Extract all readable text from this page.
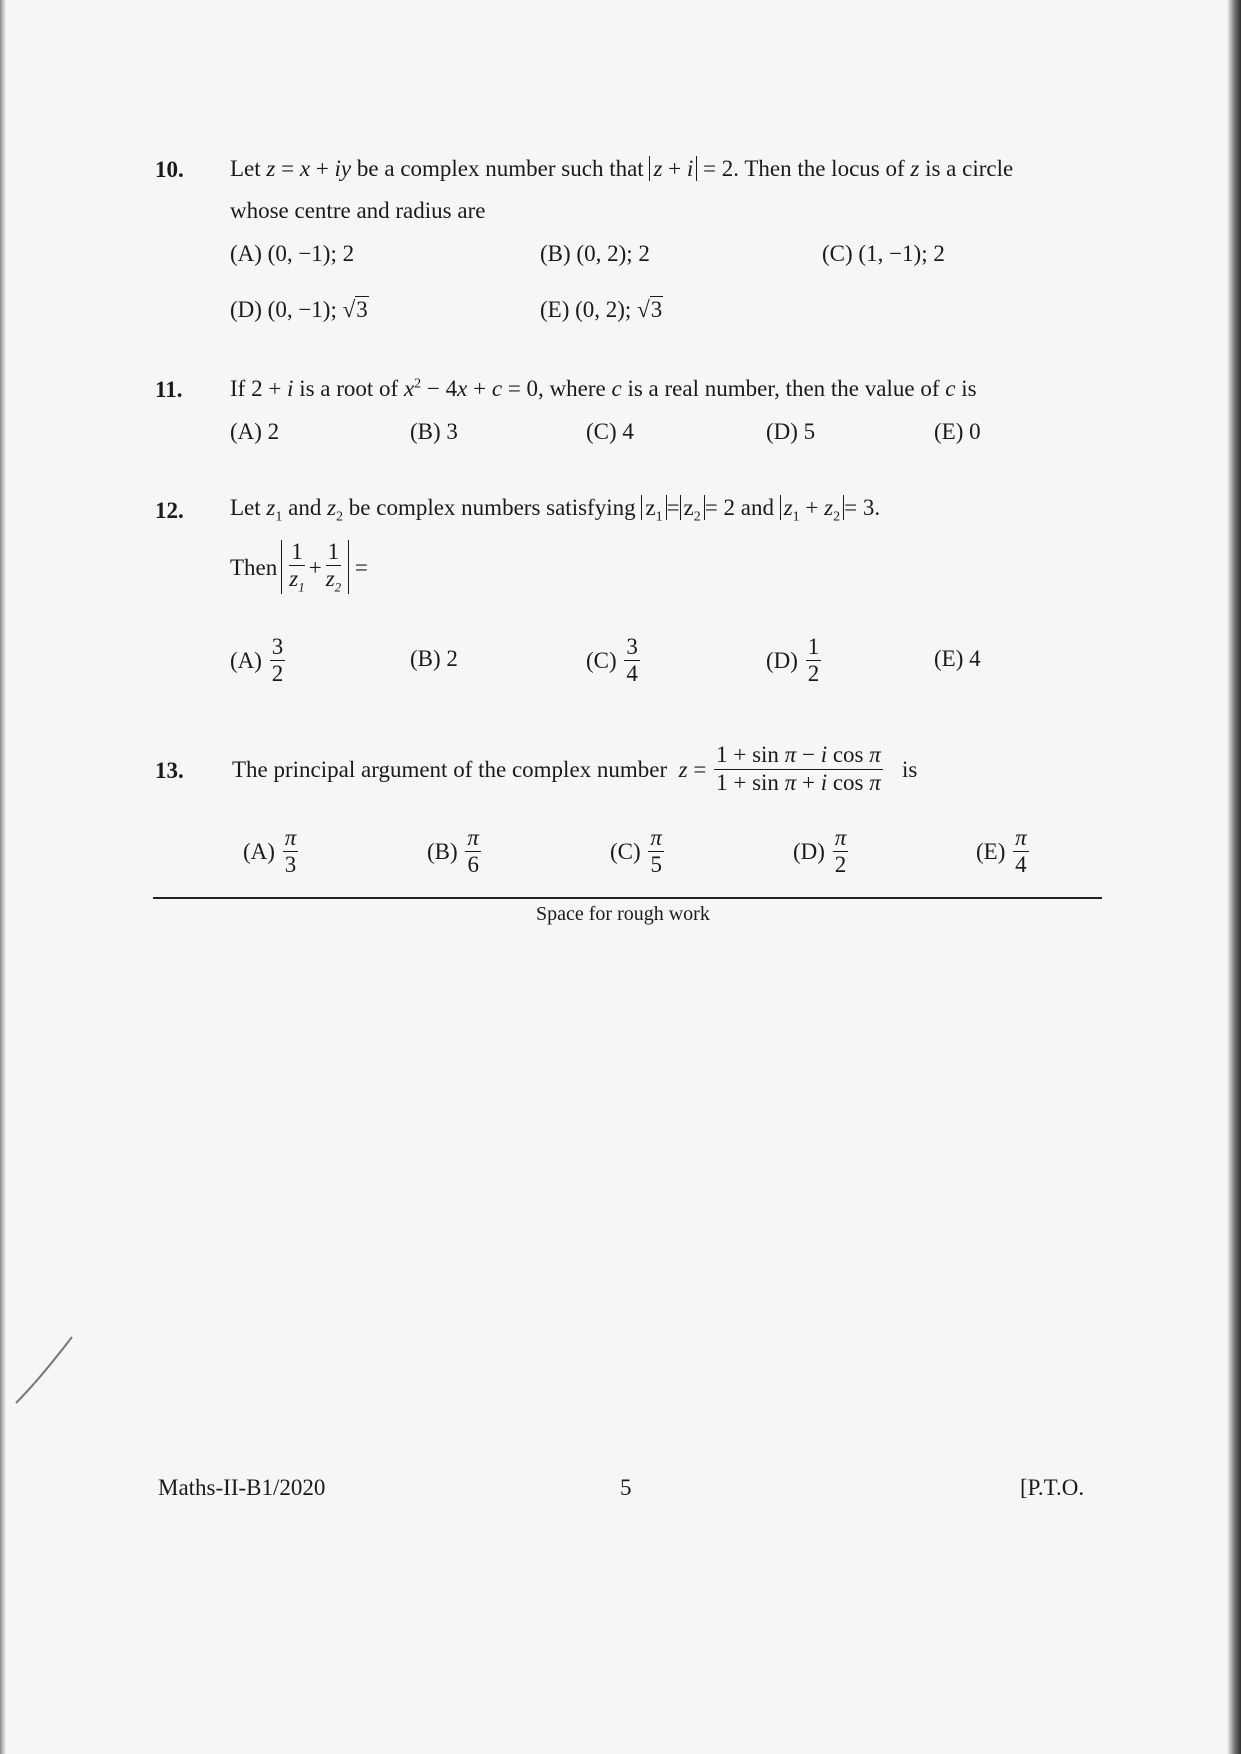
10. Let z = x + iy be a complex number such that z + i = 2. Then the locus of z is a circle
whose centre and radius are
(A) (0, −1); 2	(B) (0, 2); 2	(C) (1, −1); 2
(D) (0, −1); √3	(E) (0, 2); √3
11. If 2 + i is a root of $x^2 - 4x + c = 0$, where c is a real number, then the value of c is
(A) 2	(B) 3	(C) 4	(D) 5	(E) 0
12. Let $z_1$ and $z_2$ be complex numbers satisfying $z_1 = z_2 = 2$ and $z_1 + z_2 = 3$.
Then $\frac{1}{z_1} + \frac{1}{z_2}$ =
$(A) \frac{3}{2}$	(B) 2	$(C) \frac{3}{4}$	$(D) \frac{1}{2}$	(E) 4
13. The principal argument of the complex number $z = \frac{\text{1 + sin π − i cos π}}{\text{1 + sin π + i cos π}}$ is
$(A) \frac{\pi}{3}$	$(B) \frac{\pi}{6}$	$(C) \frac{\pi}{5}$	$(D) \frac{\pi}{2}$	$(E) \frac{\pi}{4}$
Space for rough work
Maths-II-B1/2020	5	[P.T.O.
